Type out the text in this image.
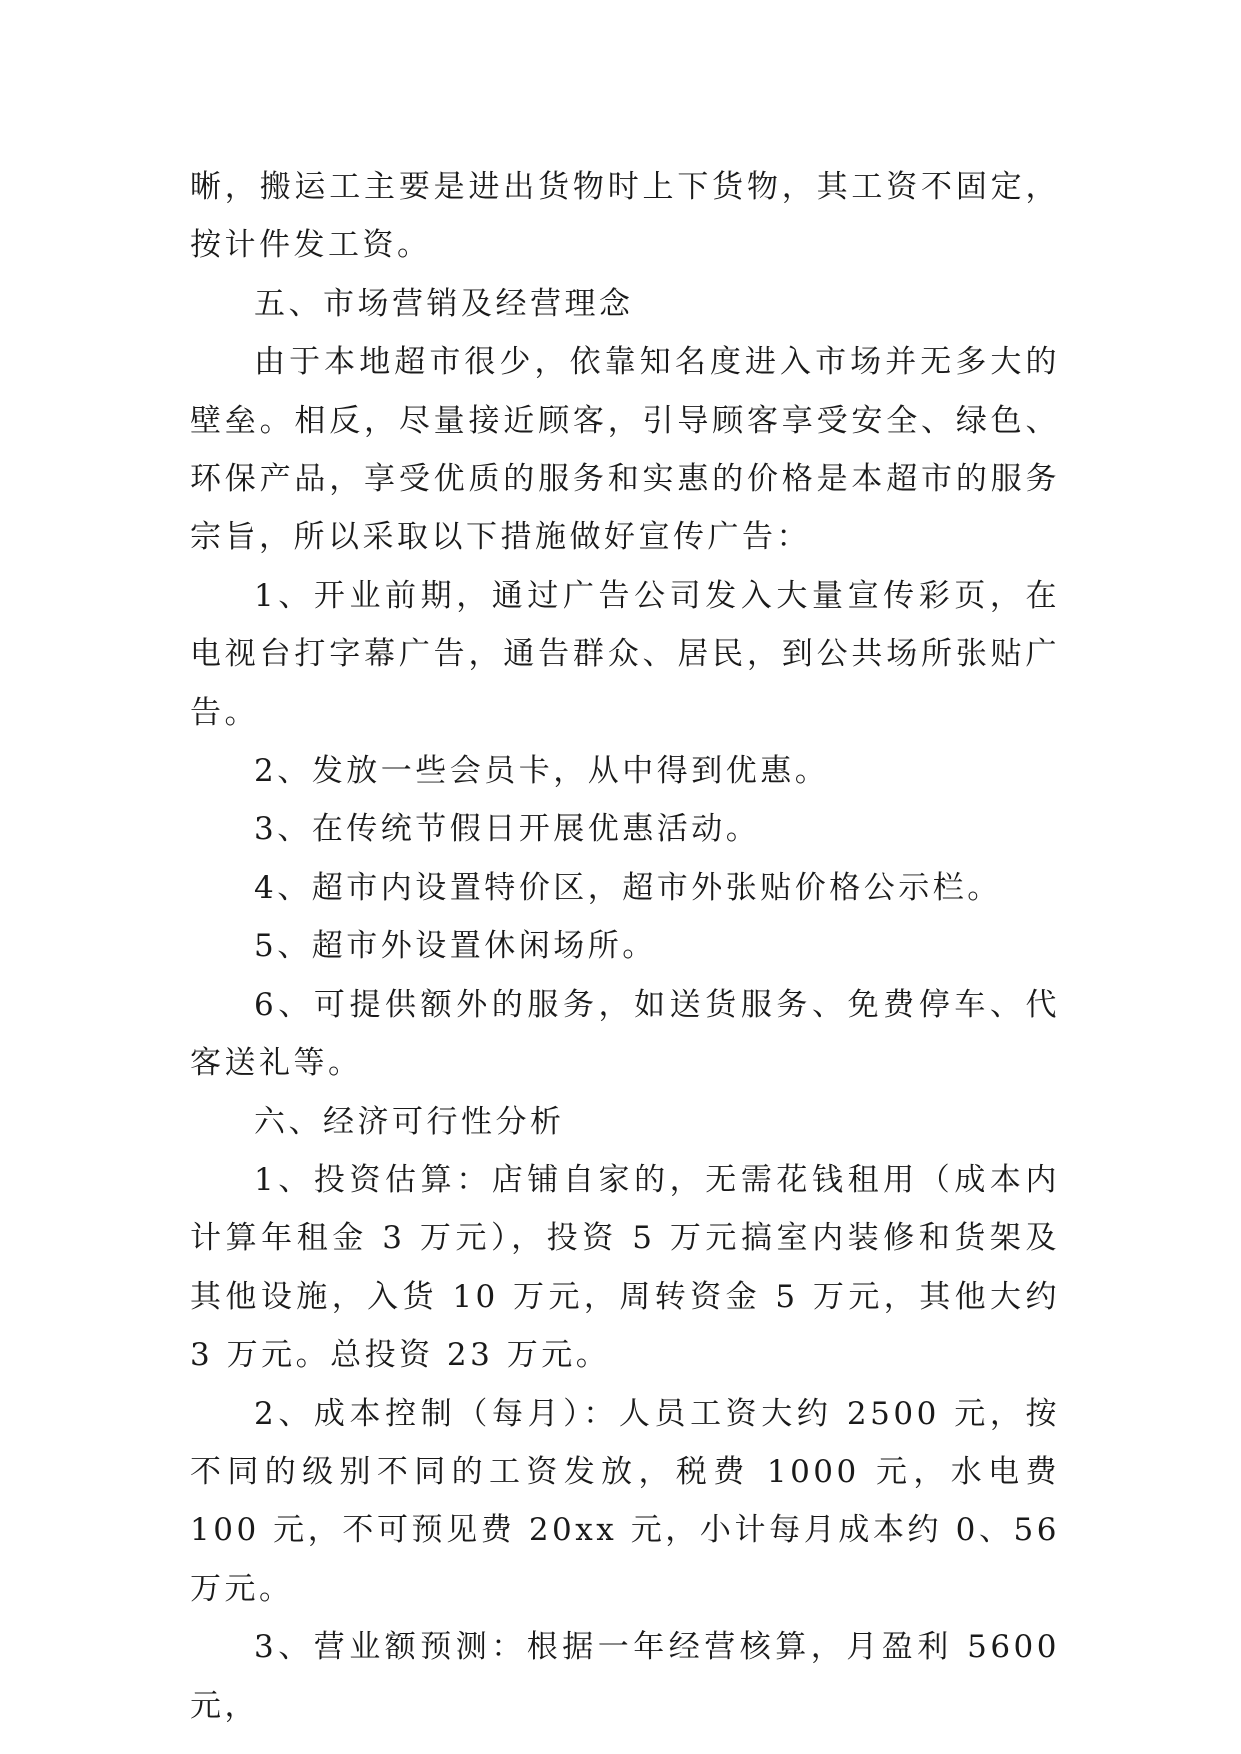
晰，搬运工主要是进出货物时上下货物，其工资不固定，按计件发工资。

五、市场营销及经营理念

由于本地超市很少，依靠知名度进入市场并无多大的壁垒。相反，尽量接近顾客，引导顾客享受安全、绿色、环保产品，享受优质的服务和实惠的价格是本超市的服务宗旨，所以采取以下措施做好宣传广告：

1、开业前期，通过广告公司发入大量宣传彩页，在电视台打字幕广告，通告群众、居民，到公共场所张贴广告。

2、发放一些会员卡，从中得到优惠。

3、在传统节假日开展优惠活动。

4、超市内设置特价区，超市外张贴价格公示栏。

5、超市外设置休闲场所。

6、可提供额外的服务，如送货服务、免费停车、代客送礼等。

六、经济可行性分析

1、投资估算：店铺自家的，无需花钱租用（成本内计算年租金 3 万元），投资 5 万元搞室内装修和货架及其他设施，入货 10 万元，周转资金 5 万元，其他大约 3 万元。总投资 23 万元。

2、成本控制（每月）：人员工资大约 2500 元，按不同的级别不同的工资发放，税费 1000 元，水电费 100 元，不可预见费 20xx 元，小计每月成本约 0、56 万元。

3、营业额预测：根据一年经营核算，月盈利 5600 元，
